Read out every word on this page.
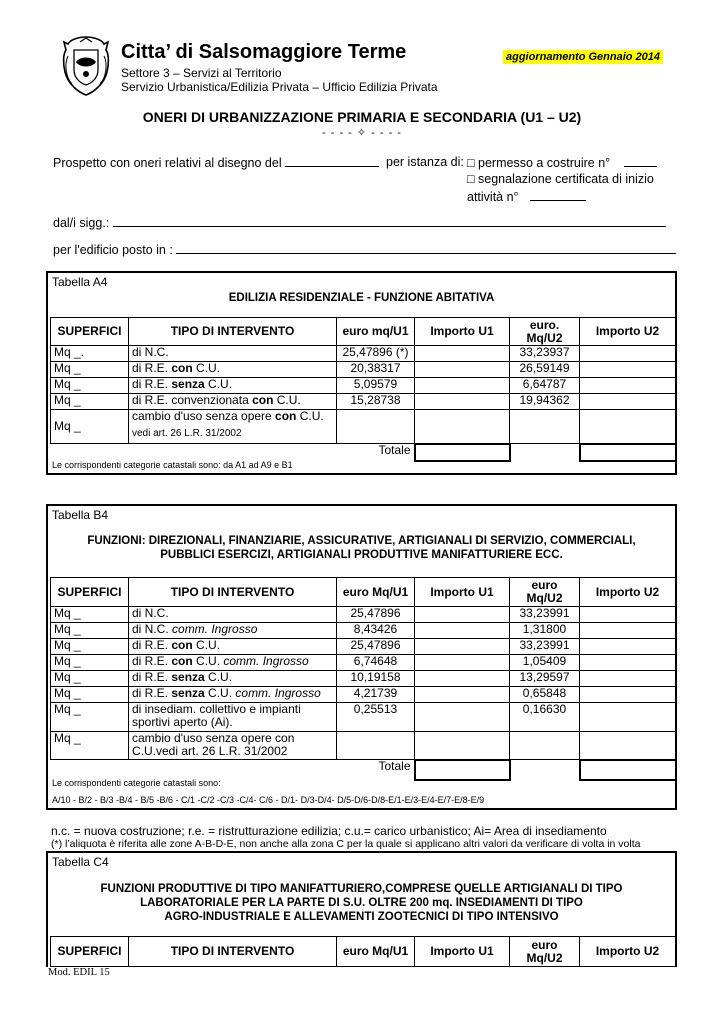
Citta’ di Salsomaggiore Terme	aggiornamento Gennaio 2014
Settore 3 – Servizi al Territorio
Servizio Urbanistica/Edilizia Privata – Ufficio Edilizia Privata
ONERI DI URBANIZZAZIONE PRIMARIA E SECONDARIA (U1 – U2)
- - - - ✧ - - - -
Prospetto con oneri relativi al disegno del	per istanza di: □ permesso a costruire n°
□ segnalazione certificata di inizio
attività n°
dal/i sigg.:
per l'edificio posto in :
Tabella A4
EDILIZIA RESIDENZIALE - FUNZIONE ABITATIVA
SUPERFICI	TIPO DI INTERVENTO	euro mq/U1	Importo U1	euro. Mq/U2	Importo U2
Mq _.	di N.C.	25,47896 (*)		33,23937	
Mq _	di R.E. con C.U.	20,38317		26,59149	
Mq _	di R.E. senza C.U.	5,09579		6,64787	
Mq _	di R.E. convenzionata con C.U.	15,28738		19,94362	
Mq _	cambio d'uso senza opere con C.U.
vedi art. 26 L.R. 31/2002				

Totale					
Le corrispondenti categorie catastali sono: da A1 ad A9 e B1
Tabella B4
FUNZIONI: DIREZIONALI, FINANZIARIE, ASSICURATIVE, ARTIGIANALI DI SERVIZIO, COMMERCIALI,
PUBBLICI ESERCIZI, ARTIGIANALI PRODUTTIVE MANIFATTURIERE ECC.
SUPERFICI	TIPO DI INTERVENTO	euro Mq/U1	Importo U1	euro Mq/U2	Importo U2
Mq _	di N.C.	25,47896		33,23991	
Mq _	di N.C. comm. Ingrosso	8,43426		1,31800	
Mq _	di R.E. con C.U.	25,47896		33,23991	
Mq _	di R.E. con C.U. comm. Ingrosso	6,74648		1,05409	
Mq _	di R.E. senza C.U.	10,19158		13,29597	
Mq _	di R.E. senza C.U. comm. Ingrosso	4,21739		0,65848	
Mq _	di insediam. collettivo e impianti
sportivi aperto (Ai).	0,25513		0,16630	
Mq _	cambio d'uso senza opere con
C.U.vedi art. 26 L.R. 31/2002				

Totale					
Le corrispondenti categorie catastali sono:
A/10 - B/2 - B/3 -B/4 - B/5 -B/6 - C/1 -C/2 -C/3 -C/4- C/6 - D/1- D/3-D/4- D/5-D/6-D/8-E/1-E/3-E/4-E/7-E/8-E/9
n.c. = nuova costruzione; r.e. = ristrutturazione edilizia; c.u.= carico urbanistico; Ai= Area di insediamento
(*) l’aliquota è riferita alle zone A-B-D-E, non anche alla zona C per la quale si applicano altri valori da verificare di volta in volta
Tabella C4
FUNZIONI PRODUTTIVE DI TIPO MANIFATTURIERO,COMPRESE QUELLE ARTIGIANALI DI TIPO
LABORATORIALE PER LA PARTE DI S.U. OLTRE 200 mq. INSEDIAMENTI DI TIPO
AGRO-INDUSTRIALE E ALLEVAMENTI ZOOTECNICI DI TIPO INTENSIVO
SUPERFICI	TIPO DI INTERVENTO	euro Mq/U1	Importo U1	euro Mq/U2	Importo U2
Mod. EDIL 15
